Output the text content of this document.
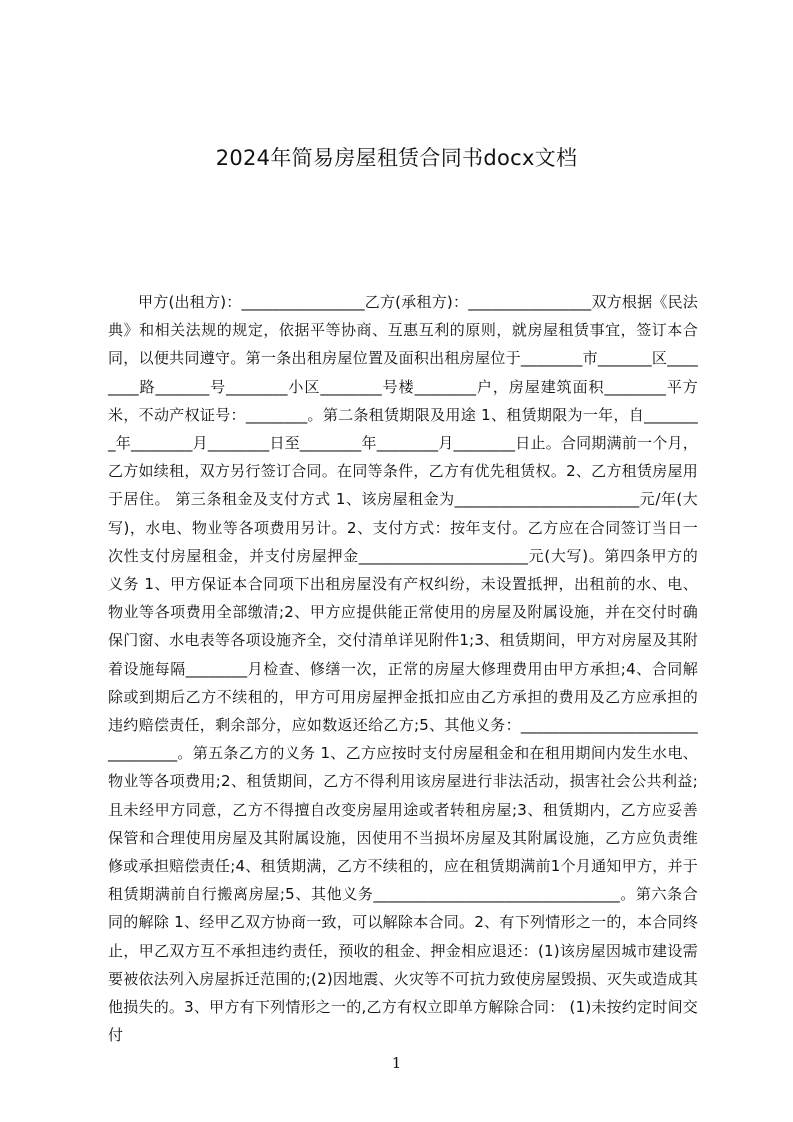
2024年简易房屋租赁合同书docx文档
甲方(出租方)：________________乙方(承租方)：________________双方根据《民法典》和相关法规的规定，依据平等协商、互惠互利的原则，就房屋租赁事宜，签订本合同，以便共同遵守。第一条出租房屋位置及面积出租房屋位于________市_______区________路_______号________小区________号楼________户，房屋建筑面积________平方米，不动产权证号：________。第二条租赁期限及用途 1、租赁期限为一年，自________年________月________日至________年________月________日止。合同期满前一个月，乙方如续租，双方另行签订合同。在同等条件，乙方有优先租赁权。2、乙方租赁房屋用于居住。 第三条租金及支付方式 1、该房屋租金为________________________元/年(大写)，水电、物业等各项费用另计。2、支付方式：按年支付。乙方应在合同签订当日一次性支付房屋租金，并支付房屋押金______________________元(大写)。第四条甲方的义务 1、甲方保证本合同项下出租房屋没有产权纠纷，未设置抵押，出租前的水、电、物业等各项费用全部缴清;2、甲方应提供能正常使用的房屋及附属设施，并在交付时确保门窗、水电表等各项设施齐全，交付清单详见附件1;3、租赁期间，甲方对房屋及其附着设施每隔________月检查、修缮一次，正常的房屋大修理费用由甲方承担;4、合同解除或到期后乙方不续租的，甲方可用房屋押金抵扣应由乙方承担的费用及乙方应承担的违约赔偿责任，剩余部分，应如数返还给乙方;5、其他义务：________________________________。第五条乙方的义务 1、乙方应按时支付房屋租金和在租用期间内发生水电、物业等各项费用;2、租赁期间，乙方不得利用该房屋进行非法活动，损害社会公共利益;且未经甲方同意，乙方不得擅自改变房屋用途或者转租房屋;3、租赁期内，乙方应妥善保管和合理使用房屋及其附属设施，因使用不当损坏房屋及其附属设施，乙方应负责维修或承担赔偿责任;4、租赁期满，乙方不续租的，应在租赁期满前1个月通知甲方，并于租赁期满前自行搬离房屋;5、其他义务________________________________。第六条合同的解除 1、经甲乙双方协商一致，可以解除本合同。2、有下列情形之一的，本合同终止，甲乙双方互不承担违约责任，预收的租金、押金相应退还：(1)该房屋因城市建设需要被依法列入房屋拆迁范围的;(2)因地震、火灾等不可抗力致使房屋毁损、灭失或造成其他损失的。3、甲方有下列情形之一的,乙方有权立即单方解除合同： (1)未按约定时间交付
1
